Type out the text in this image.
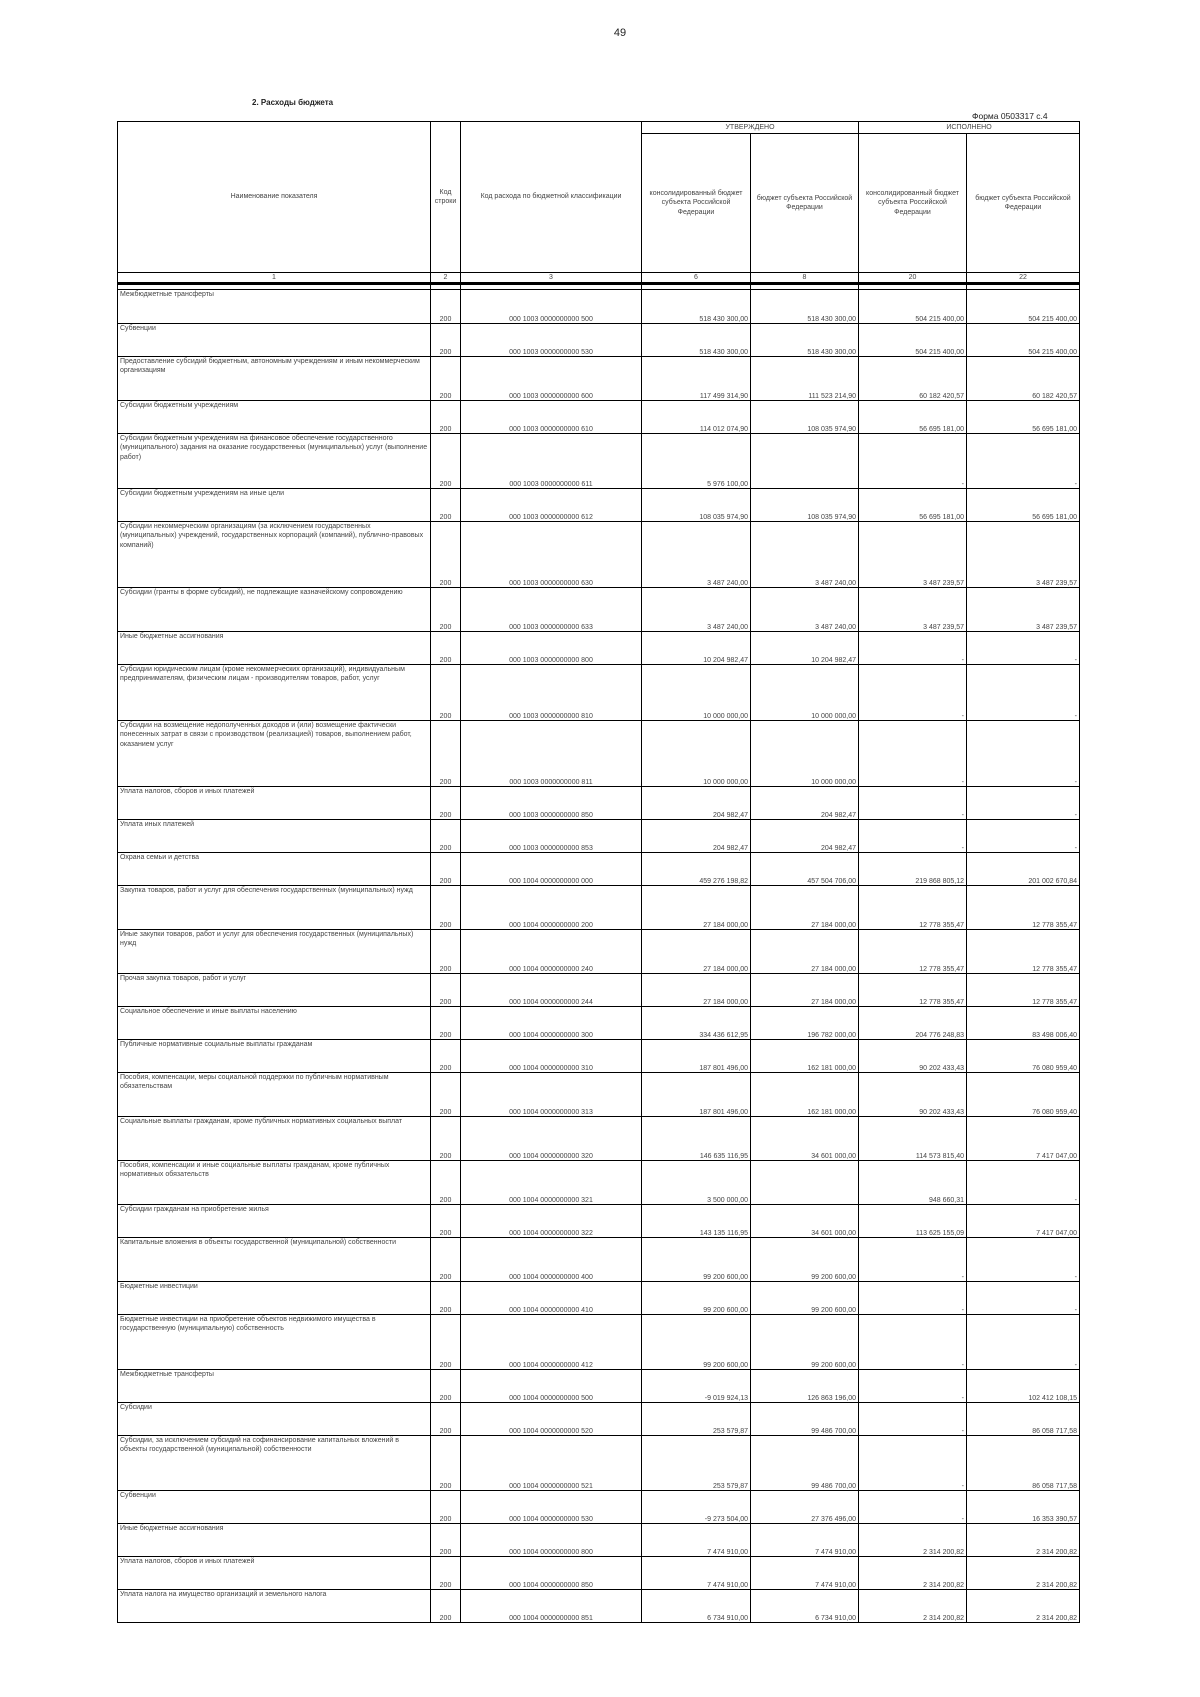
49
2. Расходы бюджета
Форма 0503317 с.4
Наименование показателя	Код строки	Код расхода по бюджетной классификации	УТВЕРЖДЕНО		ИСПОЛНЕНО	
			консолидированный бюджет субъекта Российской Федерации	бюджет субъекта Российской Федерации	консолидированный бюджет субъекта Российской Федерации	бюджет субъекта Российской Федерации
1	2	3	6	8	20	22

Межбюджетные трансферты	200	000 1003 0000000000 500	518 430 300,00	518 430 300,00	504 215 400,00	504 215 400,00
Субвенции	200	000 1003 0000000000 530	518 430 300,00	518 430 300,00	504 215 400,00	504 215 400,00
Предоставление субсидий бюджетным, автономным учреждениям и иным некоммерческим организациям	200	000 1003 0000000000 600	117 499 314,90	111 523 214,90	60 182 420,57	60 182 420,57
Субсидии бюджетным учреждениям	200	000 1003 0000000000 610	114 012 074,90	108 035 974,90	56 695 181,00	56 695 181,00
Субсидии бюджетным учреждениям на финансовое обеспечение государственного (муниципального) задания на оказание государственных (муниципальных) услуг (выполнение работ)	200	000 1003 0000000000 611	5 976 100,00		-	-
Субсидии бюджетным учреждениям на иные цели	200	000 1003 0000000000 612	108 035 974,90	108 035 974,90	56 695 181,00	56 695 181,00
Субсидии некоммерческим организациям (за исключением государственных (муниципальных) учреждений, государственных корпораций (компаний), публично-правовых компаний)	200	000 1003 0000000000 630	3 487 240,00	3 487 240,00	3 487 239,57	3 487 239,57
Субсидии (гранты в форме субсидий), не подлежащие казначейскому сопровождению	200	000 1003 0000000000 633	3 487 240,00	3 487 240,00	3 487 239,57	3 487 239,57
Иные бюджетные ассигнования	200	000 1003 0000000000 800	10 204 982,47	10 204 982,47	-	-
Субсидии юридическим лицам (кроме некоммерческих организаций), индивидуальным предпринимателям, физическим лицам - производителям товаров, работ, услуг	200	000 1003 0000000000 810	10 000 000,00	10 000 000,00	-	-
Субсидии на возмещение недополученных доходов и (или) возмещение фактически понесенных затрат в связи с производством (реализацией) товаров, выполнением работ, оказанием услуг	200	000 1003 0000000000 811	10 000 000,00	10 000 000,00	-	-
Уплата налогов, сборов и иных платежей	200	000 1003 0000000000 850	204 982,47	204 982,47	-	-
Уплата иных платежей	200	000 1003 0000000000 853	204 982,47	204 982,47	-	-
Охрана семьи и детства	200	000 1004 0000000000 000	459 276 198,82	457 504 706,00	219 868 805,12	201 002 670,84
Закупка товаров, работ и услуг для обеспечения государственных (муниципальных) нужд	200	000 1004 0000000000 200	27 184 000,00	27 184 000,00	12 778 355,47	12 778 355,47
Иные закупки товаров, работ и услуг для обеспечения государственных (муниципальных) нужд	200	000 1004 0000000000 240	27 184 000,00	27 184 000,00	12 778 355,47	12 778 355,47
Прочая закупка товаров, работ и услуг	200	000 1004 0000000000 244	27 184 000,00	27 184 000,00	12 778 355,47	12 778 355,47
Социальное обеспечение и иные выплаты населению	200	000 1004 0000000000 300	334 436 612,95	196 782 000,00	204 776 248,83	83 498 006,40
Публичные нормативные социальные выплаты гражданам	200	000 1004 0000000000 310	187 801 496,00	162 181 000,00	90 202 433,43	76 080 959,40
Пособия, компенсации, меры социальной поддержки по публичным нормативным обязательствам	200	000 1004 0000000000 313	187 801 496,00	162 181 000,00	90 202 433,43	76 080 959,40
Социальные выплаты гражданам, кроме публичных нормативных социальных выплат	200	000 1004 0000000000 320	146 635 116,95	34 601 000,00	114 573 815,40	7 417 047,00
Пособия, компенсации и иные социальные выплаты гражданам, кроме публичных нормативных обязательств	200	000 1004 0000000000 321	3 500 000,00		948 660,31	-
Субсидии гражданам на приобретение жилья	200	000 1004 0000000000 322	143 135 116,95	34 601 000,00	113 625 155,09	7 417 047,00
Капитальные вложения в объекты государственной (муниципальной) собственности	200	000 1004 0000000000 400	99 200 600,00	99 200 600,00	-	-
Бюджетные инвестиции	200	000 1004 0000000000 410	99 200 600,00	99 200 600,00	-	-
Бюджетные инвестиции на приобретение объектов недвижимого имущества в государственную (муниципальную) собственность	200	000 1004 0000000000 412	99 200 600,00	99 200 600,00	-	-
Межбюджетные трансферты	200	000 1004 0000000000 500	-9 019 924,13	126 863 196,00	-	102 412 108,15
Субсидии	200	000 1004 0000000000 520	253 579,87	99 486 700,00	-	86 058 717,58
Субсидии, за исключением субсидий на софинансирование капитальных вложений в объекты государственной (муниципальной) собственности	200	000 1004 0000000000 521	253 579,87	99 486 700,00	-	86 058 717,58
Субвенции	200	000 1004 0000000000 530	-9 273 504,00	27 376 496,00	-	16 353 390,57
Иные бюджетные ассигнования	200	000 1004 0000000000 800	7 474 910,00	7 474 910,00	2 314 200,82	2 314 200,82
Уплата налогов, сборов и иных платежей	200	000 1004 0000000000 850	7 474 910,00	7 474 910,00	2 314 200,82	2 314 200,82
Уплата налога на имущество организаций и земельного налога	200	000 1004 0000000000 851	6 734 910,00	6 734 910,00	2 314 200,82	2 314 200,82
